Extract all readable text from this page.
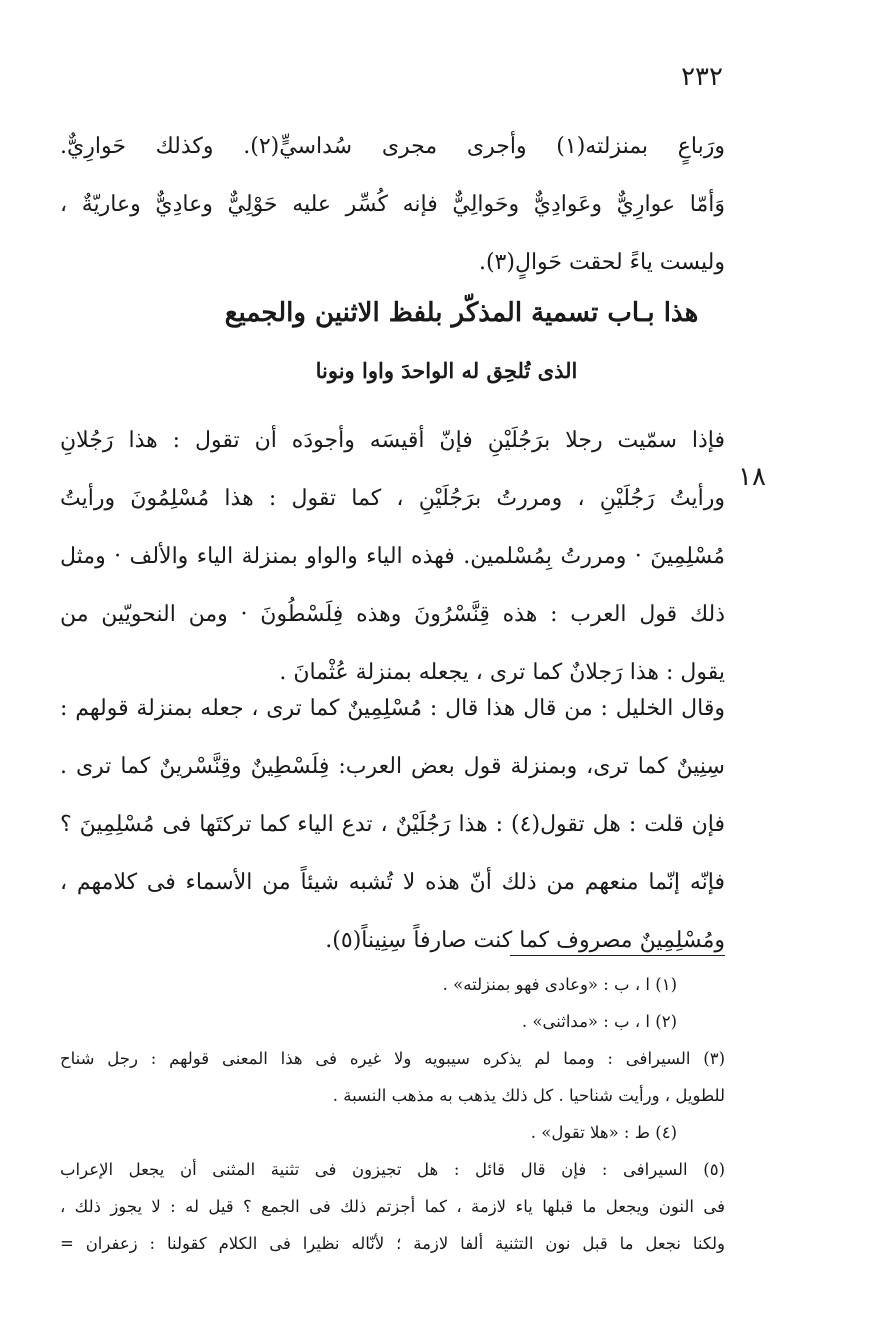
٢٣٢
ورَباعٍ بمنزلته(١) وأجرى مجرى سُداسيٍّ(٢). وكذلك حَوارِيٌّ.
وَأمّا عوارِيٌّ وعَوادِيٌّ وحَوالِيٌّ فإنه كُسِّر عليه حَوْلِيٌّ وعادِيٌّ وعاريّةٌ ،
وليست ياءً لحقت حَوالٍ(٣).
هذا بـاب تسمية المذكّر بلفظ الاثنين والجميع
الذى تُلحِق له الواحدَ واوا ونونا
١٨
فإذا سمّيت رجلا برَجُلَيْنِ فإنّ أقيسَه وأجودَه أن تقول : هذا رَجُلانِ
ورأيتُ رَجُلَيْنِ ، ومررتُ برَجُلَيْنِ ، كما تقول : هذا مُسْلِمُونَ ورأيتُ
مُسْلِمِينَ · ومررتُ بِمُسْلمين. فهذه الياء والواو بمنزلة الياء والألف · ومثل
ذلك قول العرب : هذه قِنَّسْرُونَ وهذه فِلَسْطُونَ · ومن النحويّين من
يقول : هذا رَجلانٌ كما ترى ، يجعله بمنزلة عُثْمانَ .
وقال الخليل : من قال هذا قال : مُسْلِمِينٌ كما ترى ، جعله بمنزلة قولهم :
سِنِينٌ كما ترى، وبمنزلة قول بعض العرب: فِلَسْطِينٌ وقِنَّسْرينٌ كما ترى .
فإن قلت : هل تقول(٤) : هذا رَجُلَيْنٌ ، تدع الياء كما تركتَها فى مُسْلِمِينَ ؟
فإنّه إنّما منعهم من ذلك أنّ هذه لا تُشبه شيئاً من الأسماء فى كلامهم ،
ومُسْلِمِينٌ مصروف كما كنت صارفاً سِنِيناً(٥).
(١) ا ، ب : «وعادى فهو بمنزلته» .
(٢) ا ، ب : «مداثنى» .
(٣) السيرافى : ومما لم يذكره سيبويه ولا غيره فى هذا المعنى قولهم : رجل شناح
للطويل ، ورأيت شناحيا . كل ذلك يذهب به مذهب النسبة .
(٤) ط : «هلا تقول» .
(٥) السيرافى : فإن قال قائل : هل تجيزون فى تثنية المثنى أن يجعل الإعراب
فى النون ويجعل ما قبلها ياء لازمة ، كما أجزتم ذلك فى الجمع ؟ قيل له : لا يجوز ذلك ،
ولكنا نجعل ما قبل نون التثنية ألفا لازمة ؛ لأنّاله نظيرا فى الكلام كقولنا : زعفران =
